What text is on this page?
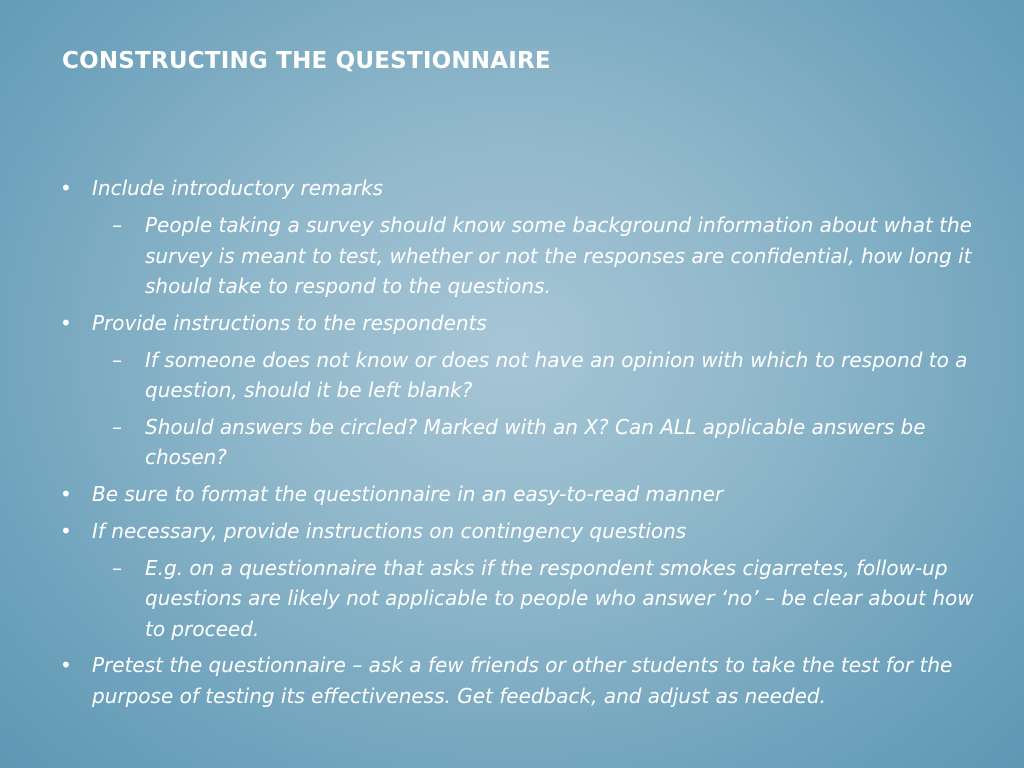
CONSTRUCTING THE QUESTIONNAIRE
• Include introductory remarks
– People taking a survey should know some background information about what the survey is meant to test, whether or not the responses are confidential, how long it should take to respond to the questions.
• Provide instructions to the respondents
– If someone does not know or does not have an opinion with which to respond to a question, should it be left blank?
– Should answers be circled? Marked with an X? Can ALL applicable answers be chosen?
• Be sure to format the questionnaire in an easy-to-read manner
• If necessary, provide instructions on contingency questions
– E.g. on a questionnaire that asks if the respondent smokes cigarretes, follow-up questions are likely not applicable to people who answer ‘no’ – be clear about how to proceed.
• Pretest the questionnaire – ask a few friends or other students to take the test for the purpose of testing its effectiveness. Get feedback, and adjust as needed.
